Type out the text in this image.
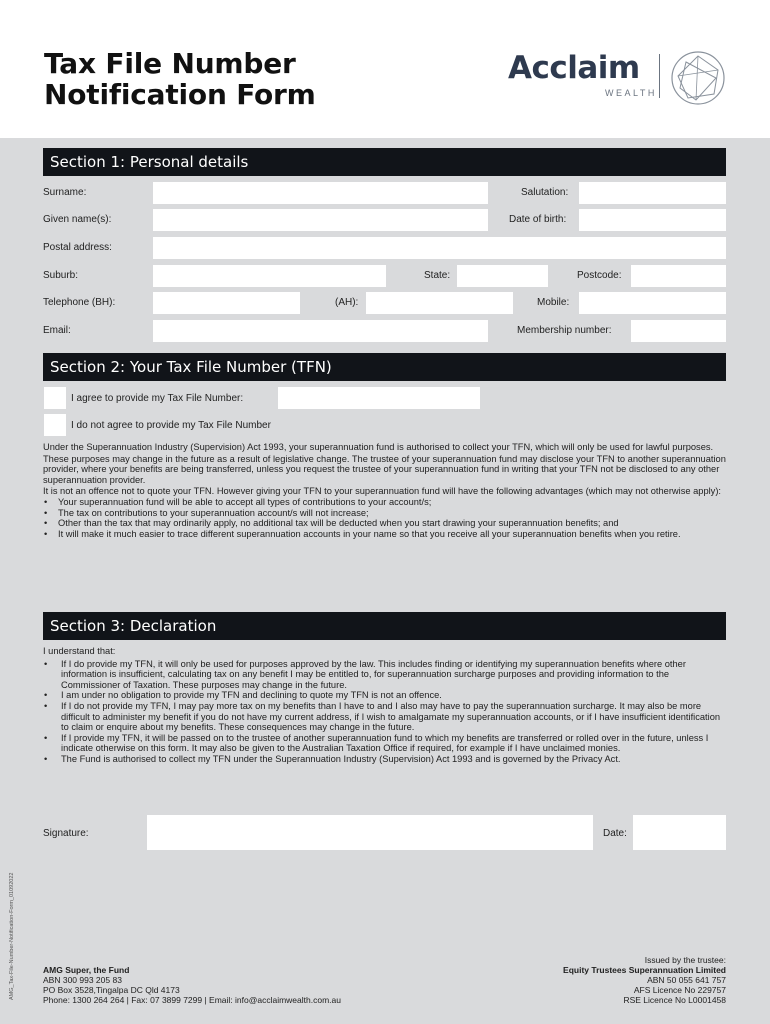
Tax File Number
Notification Form
Acclaim
WEALTH
Section 1: Personal details
Surname:	Salutation:
Given name(s):	Date of birth:
Postal address:
Suburb:	State:	Postcode:
Telephone (BH):	(AH):	Mobile:
Email:	Membership number:
Section 2: Your Tax File Number (TFN)
I agree to provide my Tax File Number:
I do not agree to provide my Tax File Number

Under the Superannuation Industry (Supervision) Act 1993, your superannuation fund is authorised to collect your TFN, which will only be used for lawful purposes.

These purposes may change in the future as a result of legislative change. The trustee of your superannuation fund may disclose your TFN to another superannuation provider, where your benefits are being transferred, unless you request the trustee of your superannuation fund in writing that your TFN not be disclosed to any other superannuation provider.

It is not an offence not to quote your TFN. However giving your TFN to your superannuation fund will have the following advantages (which may not otherwise apply):

• Your superannuation fund will be able to accept all types of contributions to your account/s;
• The tax on contributions to your superannuation account/s will not increase;
• Other than the tax that may ordinarily apply, no additional tax will be deducted when you start drawing your superannuation benefits; and
• It will make it much easier to trace different superannuation accounts in your name so that you receive all your superannuation benefits when you retire.
Section 3: Declaration

I understand that:

• If I do provide my TFN, it will only be used for purposes approved by the law. This includes finding or identifying my superannuation benefits where other information is insufficient, calculating tax on any benefit I may be entitled to, for superannuation surcharge purposes and providing information to the Commissioner of Taxation. These purposes may change in the future.
• I am under no obligation to provide my TFN and declining to quote my TFN is not an offence.
• If I do not provide my TFN, I may pay more tax on my benefits than I have to and I also may have to pay the superannuation surcharge. It may also be more difficult to administer my benefit if you do not have my current address, if I wish to amalgamate my superannuation accounts, or if I have insufficient identification to claim or enquire about my benefits. These consequences may change in the future.
• If I provide my TFN, it will be passed on to the trustee of another superannuation fund to which my benefits are transferred or rolled over in the future, unless I indicate otherwise on this form. It may also be given to the Australian Taxation Office if required, for example if I have unclaimed monies.
• The Fund is authorised to collect my TFN under the Superannuation Industry (Supervision) Act 1993 and is governed by the Privacy Act.
Signature:	Date:
AMG_Tax-File-Number-Notification-Form_01092022	AMG Super, the Fund
ABN 300 993 205 83
PO Box 3528,Tingalpa DC Qld 4173
Phone: 1300 264 264 | Fax: 07 3899 7299 | Email: info@acclaimwealth.com.au
Issued by the trustee:
Equity Trustees Superannuation Limited
ABN 50 055 641 757
AFS Licence No 229757
RSE Licence No L0001458
